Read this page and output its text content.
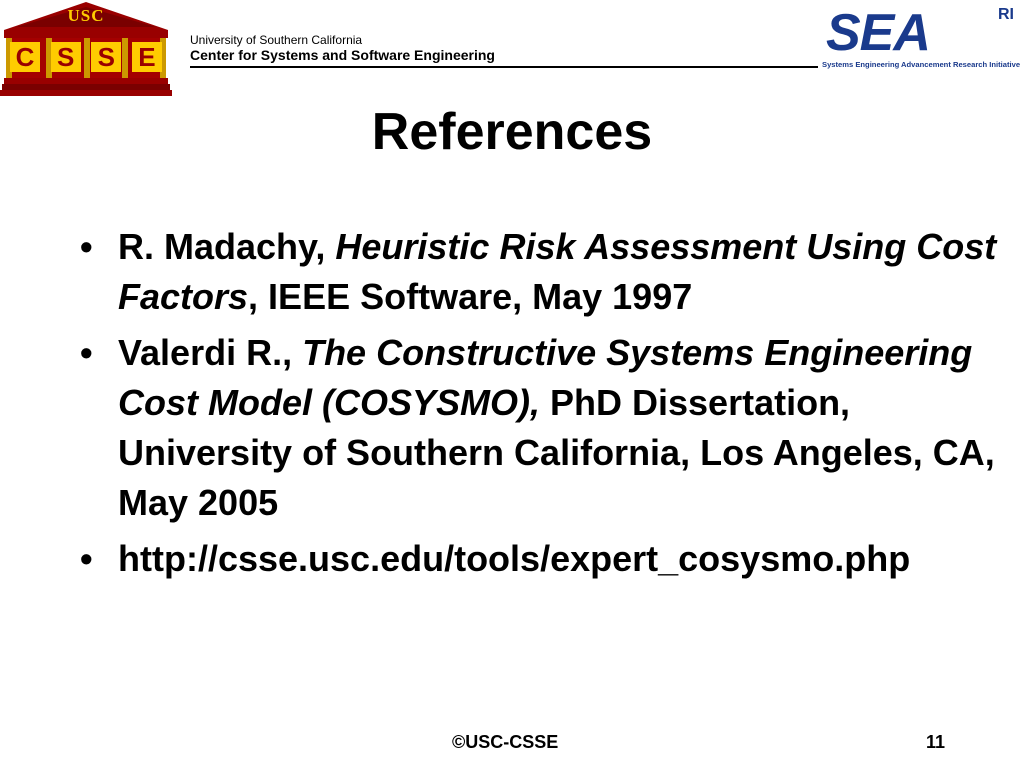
USC
C S S E
University of Southern California
Center for Systems and Software Engineering	SEA	RI
Systems Engineering Advancement Research Initiative
References
• R. Madachy, Heuristic Risk Assessment Using Cost Factors, IEEE Software, May 1997
• Valerdi R., The Constructive Systems Engineering Cost Model (COSYSMO), PhD Dissertation, University of Southern California, Los Angeles, CA, May 2005
• http://csse.usc.edu/tools/expert_cosysmo.php
©USC-CSSE	11
